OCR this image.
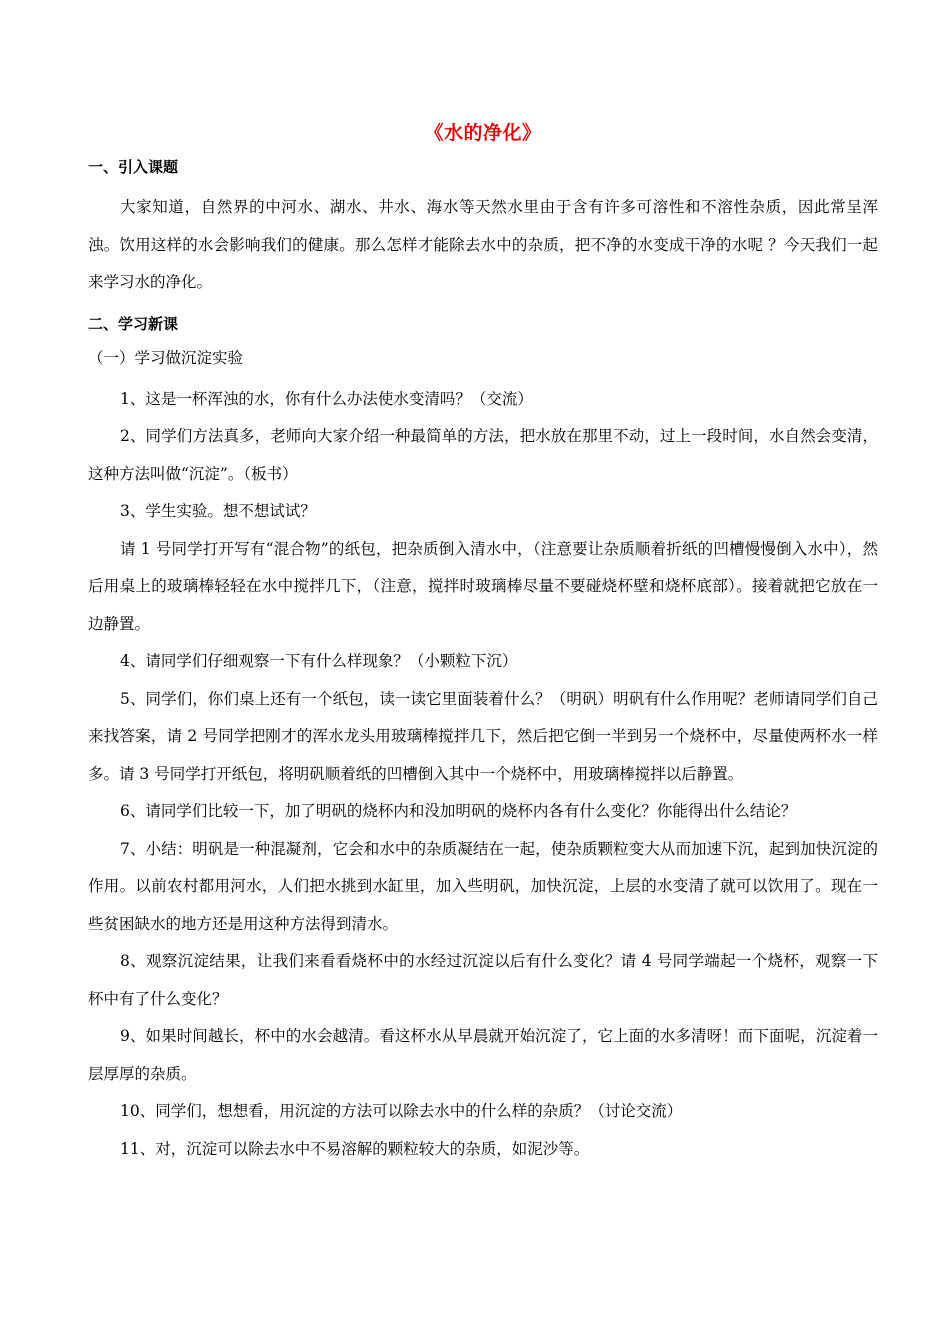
《水的净化》
一、引入课题

大家知道，自然界的中河水、湖水、井水、海水等天然水里由于含有许多可溶性和不溶性杂质，因此常呈浑浊。饮用这样的水会影响我们的健康。那么怎样才能除去水中的杂质，把不净的水变成干净的水呢 ？今天我们一起来学习水的净化。

二、学习新课
（一）学习做沉淀实验

1、这是一杯浑浊的水，你有什么办法使水变清吗？（交流）

2、同学们方法真多，老师向大家介绍一种最简单的方法，把水放在那里不动，过上一段时间，水自然会变清，这种方法叫做“沉淀”。（板书）

3、学生实验。想不想试试？

请 1 号同学打开写有“混合物”的纸包，把杂质倒入清水中，（注意要让杂质顺着折纸的凹槽慢慢倒入水中），然后用桌上的玻璃棒轻轻在水中搅拌几下，（注意，搅拌时玻璃棒尽量不要碰烧杯壁和烧杯底部）。接着就把它放在一边静置。

4、请同学们仔细观察一下有什么样现象？（小颗粒下沉）

5、同学们，你们桌上还有一个纸包，读一读它里面装着什么？（明矾）明矾有什么作用呢？老师请同学们自己来找答案，请 2 号同学把刚才的浑水龙头用玻璃棒搅拌几下，然后把它倒一半到另一个烧杯中，尽量使两杯水一样多。请 3 号同学打开纸包，将明矾顺着纸的凹槽倒入其中一个烧杯中，用玻璃棒搅拌以后静置。

6、请同学们比较一下，加了明矾的烧杯内和没加明矾的烧杯内各有什么变化？你能得出什么结论？

7、小结：明矾是一种混凝剂，它会和水中的杂质凝结在一起，使杂质颗粒变大从而加速下沉，起到加快沉淀的作用。以前农村都用河水，人们把水挑到水缸里，加入些明矾，加快沉淀，上层的水变清了就可以饮用了。现在一些贫困缺水的地方还是用这种方法得到清水。

8、观察沉淀结果，让我们来看看烧杯中的水经过沉淀以后有什么变化？请 4 号同学端起一个烧杯，观察一下杯中有了什么变化？

9、如果时间越长，杯中的水会越清。看这杯水从早晨就开始沉淀了，它上面的水多清呀！而下面呢，沉淀着一层厚厚的杂质。

10、同学们，想想看，用沉淀的方法可以除去水中的什么样的杂质？（讨论交流）

11、对，沉淀可以除去水中不易溶解的颗粒较大的杂质，如泥沙等。
